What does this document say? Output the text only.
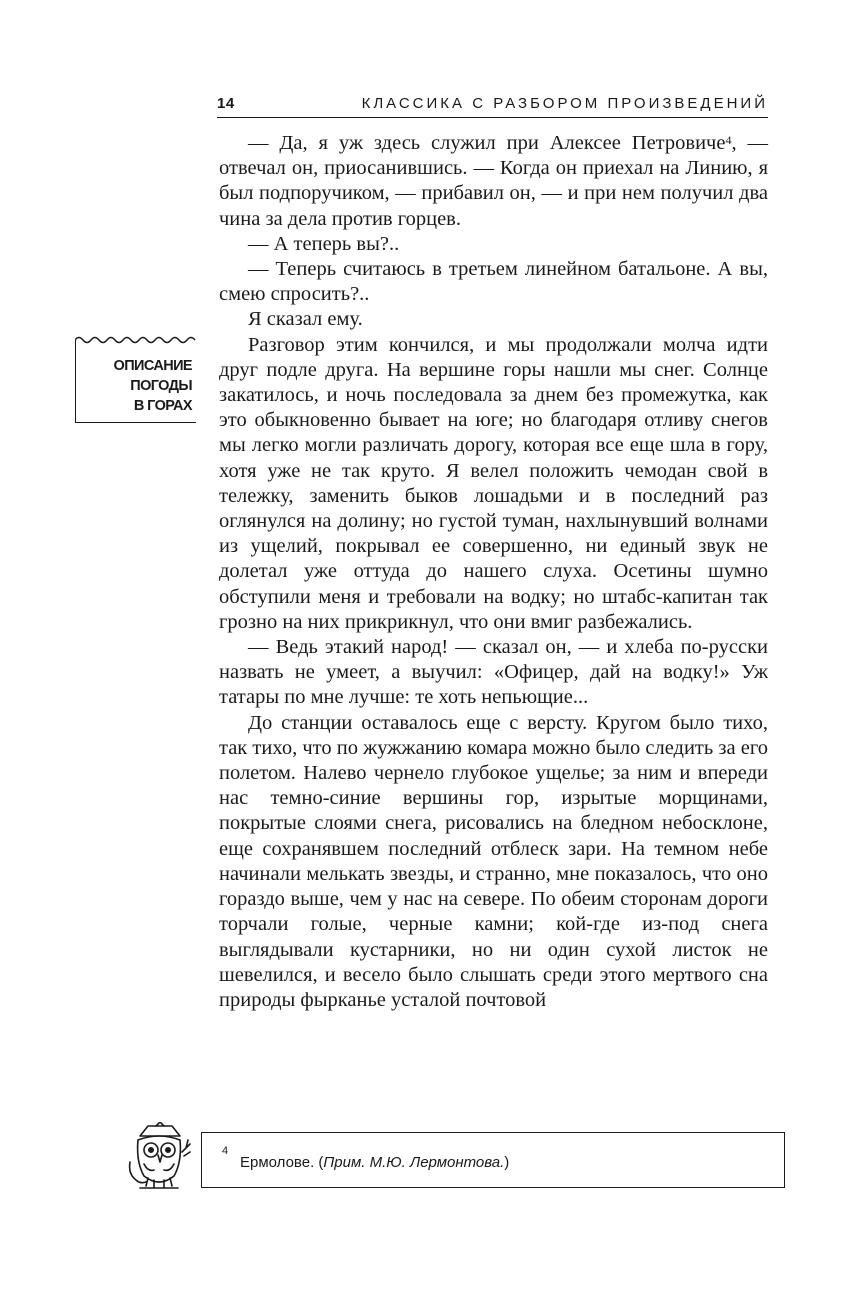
14	КЛАССИКА С РАЗБОРОМ ПРОИЗВЕДЕНИЙ
ОПИСАНИЕ
ПОГОДЫ
В ГОРАХ

— Да, я уж здесь служил при Алексее Петровиче$^4$, — отвечал он, приосанившись. — Когда он приехал на Линию, я был подпоручиком, — прибавил он, — и при нем получил два чина за дела против горцев.

— А теперь вы?..

— Теперь считаюсь в третьем линейном батальоне. А вы, смею спросить?..

Я сказал ему.

Разговор этим кончился, и мы продолжали молча идти друг подле друга. На вершине горы нашли мы снег. Солнце закатилось, и ночь последовала за днем без промежутка, как это обыкновенно бывает на юге; но благодаря отливу снегов мы легко могли различать дорогу, которая все еще шла в гору, хотя уже не так круто. Я велел положить чемодан свой в тележку, заменить быков лошадьми и в последний раз оглянулся на долину; но густой туман, нахлынувший волнами из ущелий, покрывал ее совершенно, ни единый звук не долетал уже оттуда до нашего слуха. Осетины шумно обступили меня и требовали на водку; но штабс-капитан так грозно на них прикрикнул, что они вмиг разбежались.

— Ведь этакий народ! — сказал он, — и хлеба по-русски назвать не умеет, а выучил: «Офицер, дай на водку!» Уж татары по мне лучше: те хоть непьющие...

До станции оставалось еще с версту. Кругом было тихо, так тихо, что по жужжанию комара можно было следить за его полетом. Налево чернело глубокое ущелье; за ним и впереди нас темно-синие вершины гор, изрытые морщинами, покрытые слоями снега, рисовались на бледном небосклоне, еще сохранявшем последний отблеск зари. На темном небе начинали мелькать звезды, и странно, мне показалось, что оно гораздо выше, чем у нас на севере. По обеим сторонам дороги торчали голые, черные камни; кой-где из-под снега выглядывали кустарники, но ни один сухой листок не шевелился, и весело было слышать среди этого мертвого сна природы фырканье усталой почтовой

4
Ермолове. (Прим. М.Ю. Лермонтова.)
